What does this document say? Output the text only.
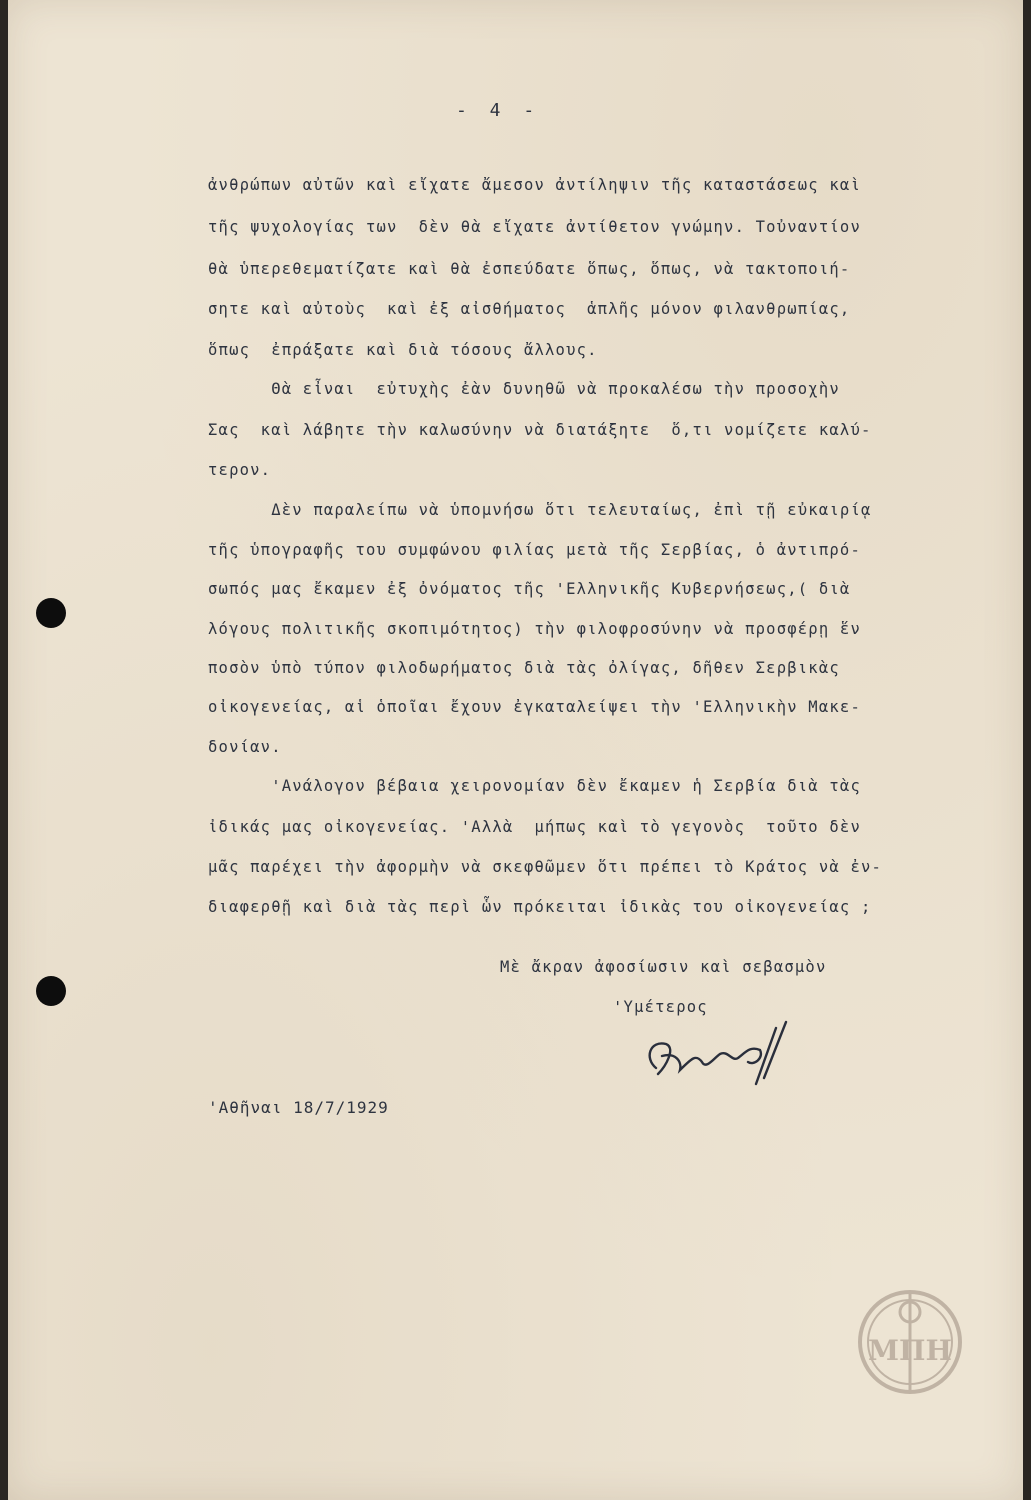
- 4 -
ἀνθρώπων αὐτῶν καὶ εἴχατε ἄμεσον ἀντίληψιν τῆς καταστάσεως καὶ
τῆς ψυχολογίας των  δὲν θὰ εἴχατε ἀντίθετον γνώμην. Τοὐναντίον
θὰ ὑπερεθεματίζατε καὶ θὰ ἐσπεύδατε ὅπως, ὅπως, νὰ τακτοποιή-
σητε καὶ αὐτοὺς  καὶ ἐξ αἰσθήματος  ἁπλῆς μόνον φιλανθρωπίας,
ὅπως  ἐπράξατε καὶ διὰ τόσους ἄλλους.
Θὰ εἶναι  εὐτυχὴς ἐὰν δυνηθῶ νὰ προκαλέσω τὴν προσοχὴν
Σας  καὶ λάβητε τὴν καλωσύνην νὰ διατάξητε  ὅ,τι νομίζετε καλύ-
τερον.
Δὲν παραλείπω νὰ ὑπομνήσω ὅτι τελευταίως, ἐπὶ τῇ εὐκαιρίᾳ
τῆς ὑπογραφῆς του συμφώνου φιλίας μετὰ τῆς Σερβίας, ὁ ἀντιπρό-
σωπός μας ἔκαμεν ἐξ ὀνόματος τῆς 'Ελληνικῆς Κυβερνήσεως,( διὰ
λόγους πολιτικῆς σκοπιμότητος) τὴν φιλοφροσύνην νὰ προσφέρῃ ἕν
ποσὸν ὑπὸ τύπον φιλοδωρήματος διὰ τὰς ὀλίγας, δῆθεν Σερβικὰς
οἰκογενείας, αἱ ὁποῖαι ἔχουν ἐγκαταλείψει τὴν 'Ελληνικὴν Μακε-
δονίαν.
'Ανάλογον βέβαια χειρονομίαν δὲν ἔκαμεν ἡ Σερβία διὰ τὰς
ἰδικάς μας οἰκογενείας. 'Αλλὰ  μήπως καὶ τὸ γεγονὸς  τοῦτο δὲν
μᾶς παρέχει τὴν ἀφορμὴν νὰ σκεφθῶμεν ὅτι πρέπει τὸ Κράτος νὰ ἐν-
διαφερθῇ καὶ διὰ τὰς περὶ ὧν πρόκειται ἰδικὰς του οἰκογενείας ;
Μὲ ἄκραν ἀφοσίωσιν καὶ σεβασμὸν
'Υμέτερος
'Αθῆναι 18/7/1929
ΜΠΗ
